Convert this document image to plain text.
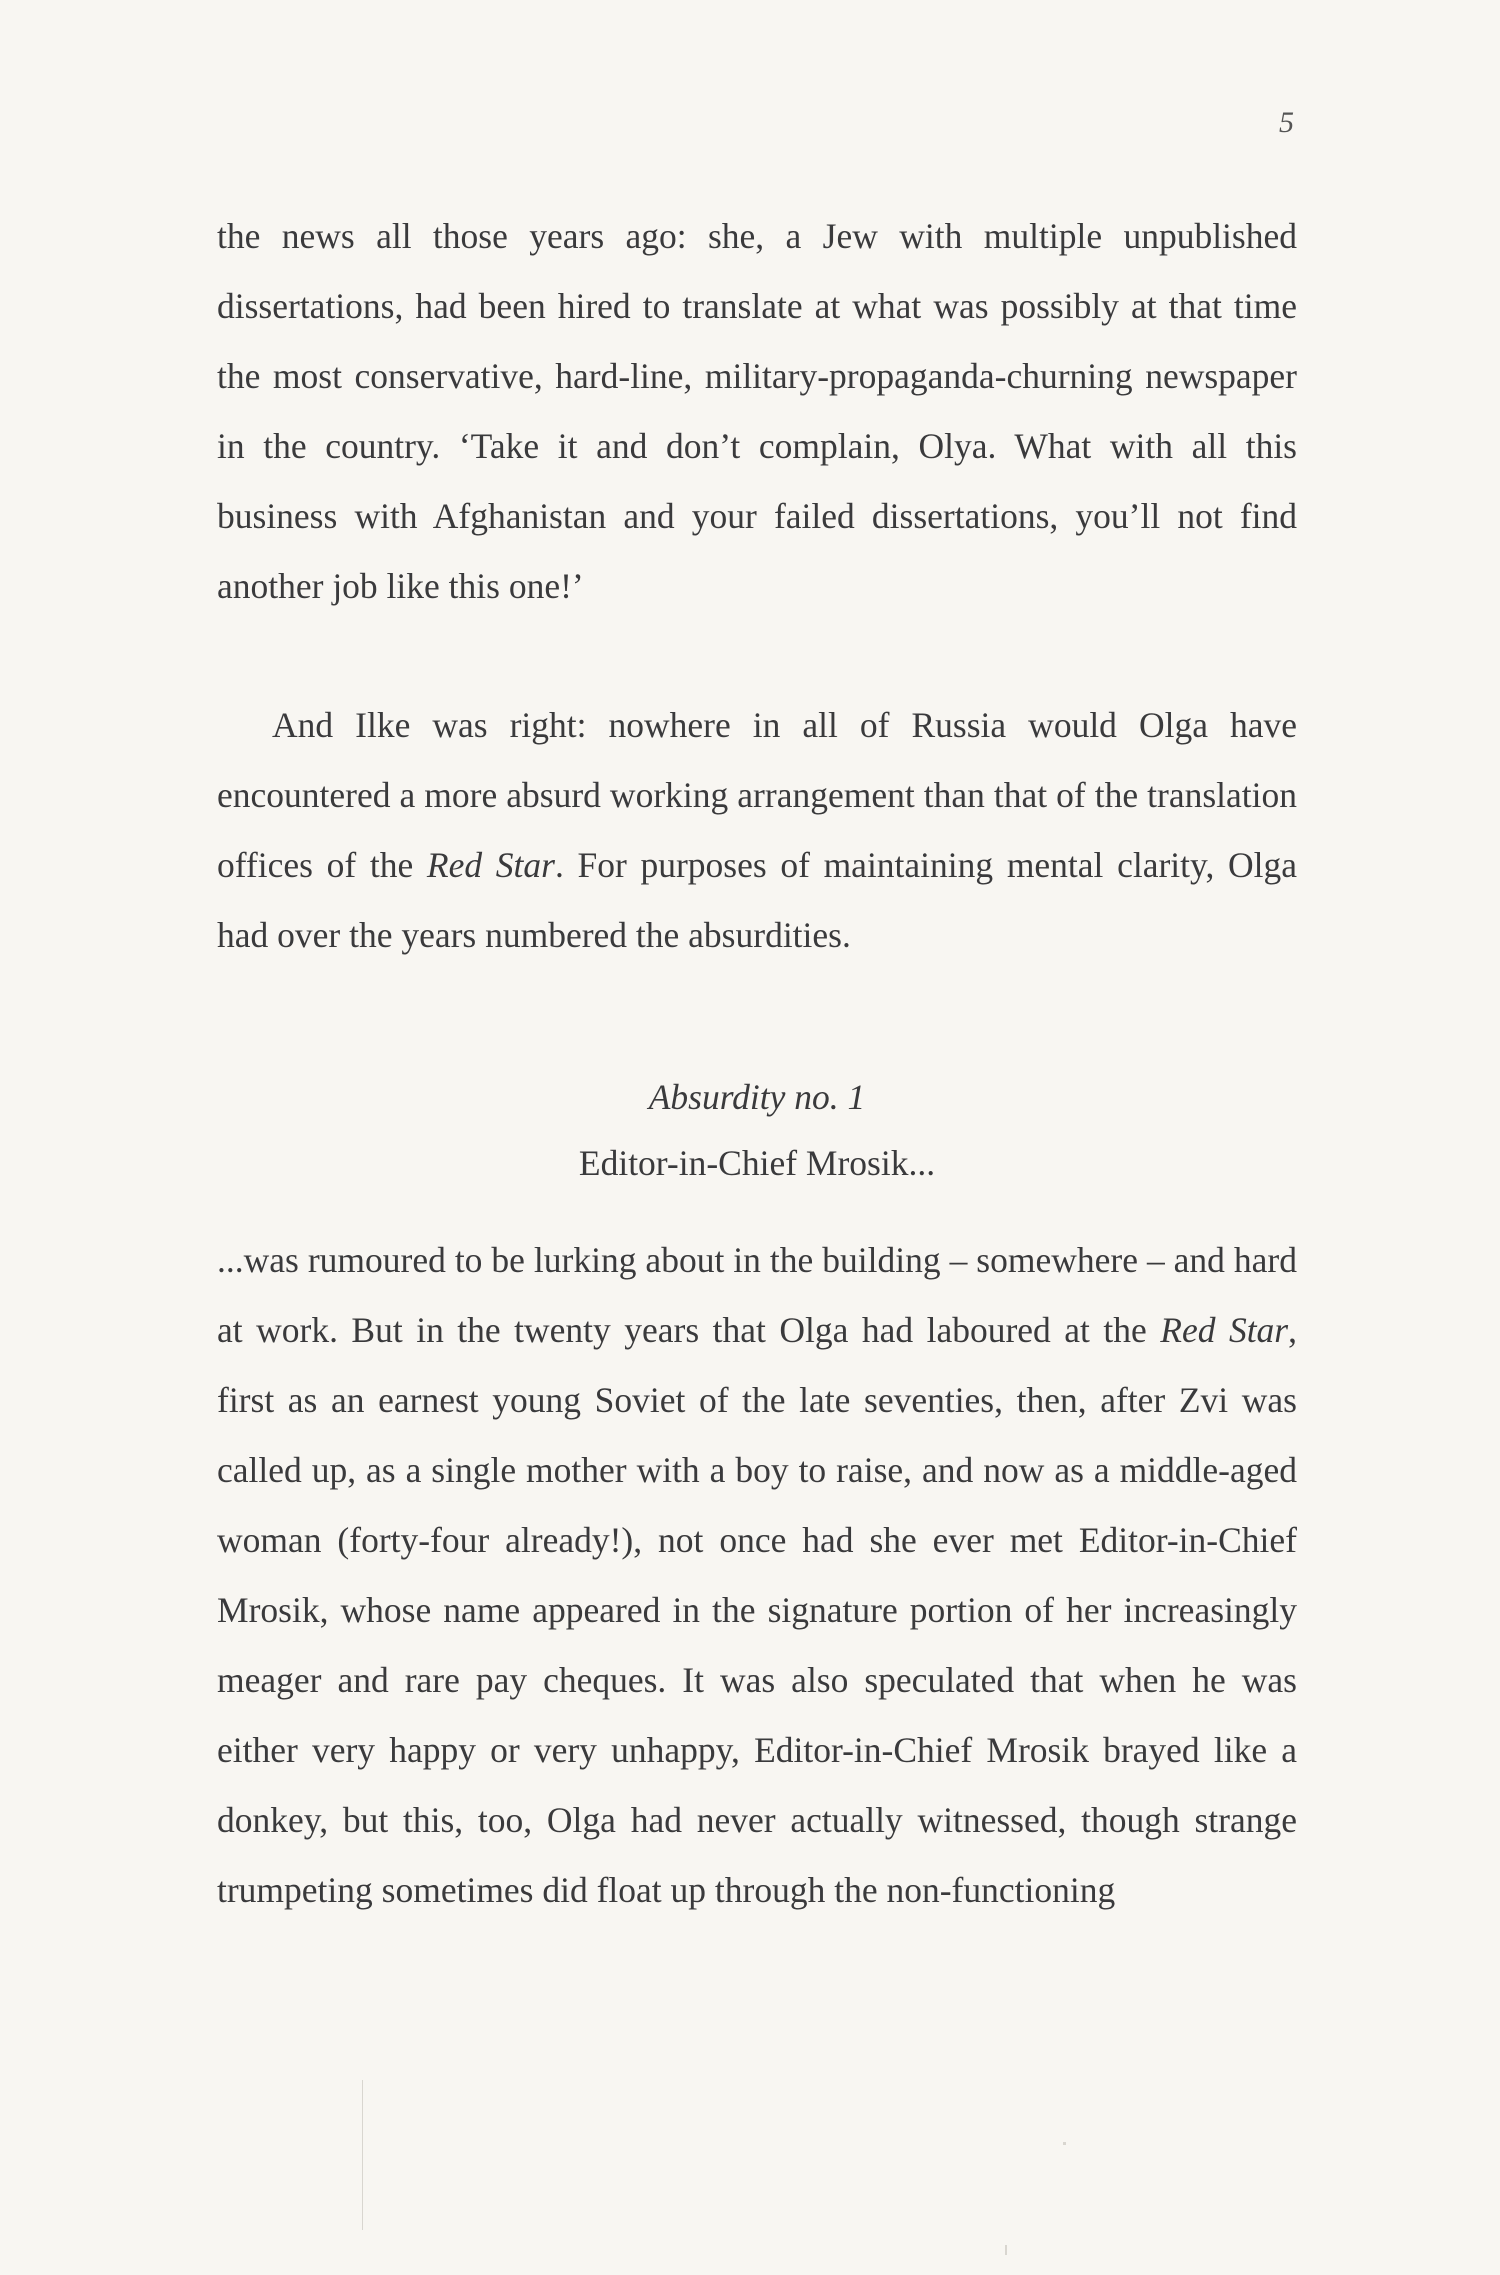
5

the news all those years ago: she, a Jew with multiple unpublished dissertations, had been hired to translate at what was possibly at that time the most conservative, hard-line, military-propaganda-churning newspaper in the country. ‘Take it and don’t complain, Olya. What with all this business with Afghanistan and your failed dissertations, you’ll not find another job like this one!’

And Ilke was right: nowhere in all of Russia would Olga have encountered a more absurd working arrangement than that of the translation offices of the Red Star. For purposes of maintaining mental clarity, Olga had over the years numbered the absurdities.

Absurdity no. 1
Editor-in-Chief Mrosik...

...was rumoured to be lurking about in the building – somewhere – and hard at work. But in the twenty years that Olga had laboured at the Red Star, first as an earnest young Soviet of the late seventies, then, after Zvi was called up, as a single mother with a boy to raise, and now as a middle-aged woman (forty-four already!), not once had she ever met Editor-in-Chief Mrosik, whose name appeared in the signature portion of her increasingly meager and rare pay cheques. It was also speculated that when he was either very happy or very unhappy, Editor-in-Chief Mrosik brayed like a donkey, but this, too, Olga had never actually witnessed, though strange trumpeting sometimes did float up through the non-functioning
